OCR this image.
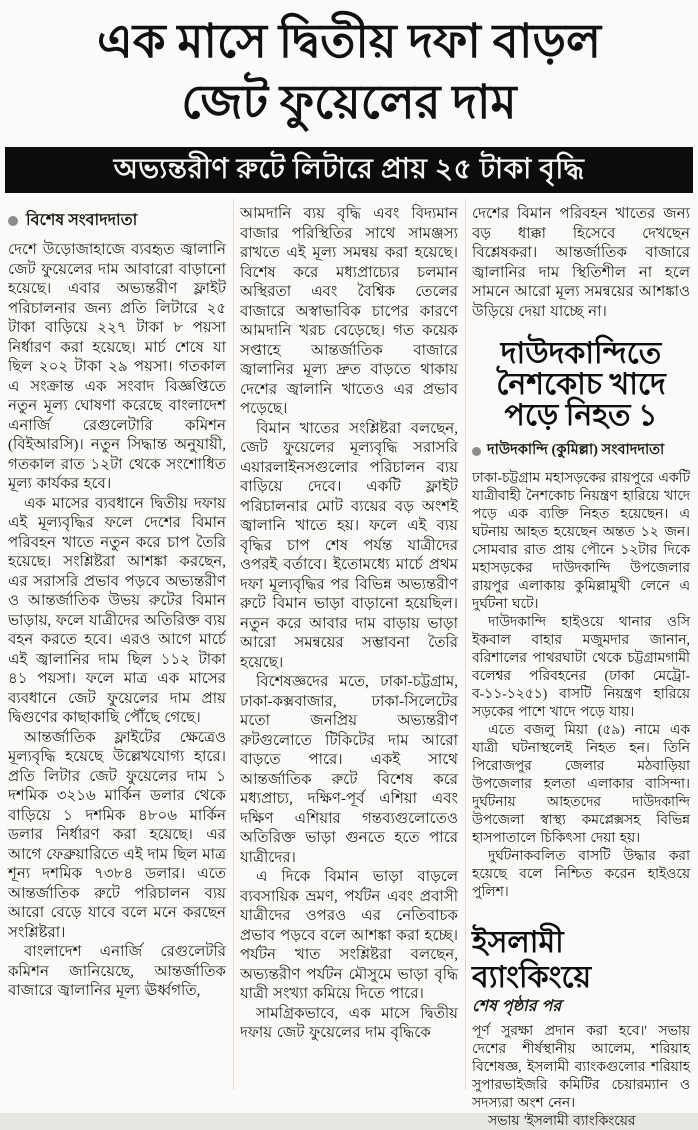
এক মাসে দ্বিতীয় দফা বাড়ল
জেট ফুয়েলের দাম
অভ্যন্তরীণ রুটে লিটারে প্রায় ২৫ টাকা বৃদ্ধি
বিশেষ সংবাদদাতা

দেশে উড়োজাহাজে ব্যবহৃত জ্বালানি জেট ফুয়েলের দাম আবারো বাড়ানো হয়েছে। এবার অভ্যন্তরীণ ফ্লাইট পরিচালনার জন্য প্রতি লিটারে ২৫ টাকা বাড়িয়ে ২২৭ টাকা ৮ পয়সা নির্ধারণ করা হয়েছে। মার্চ শেষে যা ছিল ২০২ টাকা ২৯ পয়সা। গতকাল এ সংক্রান্ত এক সংবাদ বিজ্ঞপ্তিতে নতুন মূল্য ঘোষণা করেছে বাংলাদেশ এনার্জি রেগুলেটারি কমিশন (বিইআরসি)। নতুন সিদ্ধান্ত অনুযায়ী, গতকাল রাত ১২টা থেকে সংশোধিত মূল্য কার্যকর হবে।

এক মাসের ব্যবধানে দ্বিতীয় দফায় এই মূল্যবৃদ্ধির ফলে দেশের বিমান পরিবহন খাতে নতুন করে চাপ তৈরি হয়েছে। সংশ্লিষ্টরা আশঙ্কা করছেন, এর সরাসরি প্রভাব পড়বে অভ্যন্তরীণ ও আন্তর্জাতিক উভয় রুটের বিমান ভাড়ায়, ফলে যাত্রীদের অতিরিক্ত ব্যয় বহন করতে হবে। এরও আগে মার্চে এই জ্বালানির দাম ছিল ১১২ টাকা ৪১ পয়সা। ফলে মাত্র এক মাসের ব্যবধানে জেট ফুয়েলের দাম প্রায় দ্বিগুণের কাছাকাছি পৌঁছে গেছে।

আন্তর্জাতিক ফ্লাইটের ক্ষেত্রেও মূল্যবৃদ্ধি হয়েছে উল্লেখযোগ্য হারে। প্রতি লিটার জেট ফুয়েলের দাম ১ দশমিক ৩২১৬ মার্কিন ডলার থেকে বাড়িয়ে ১ দশমিক ৪৮০৬ মার্কিন ডলার নির্ধারণ করা হয়েছে। এর আগে ফেব্রুয়ারিতে এই দাম ছিল মাত্র শূন্য দশমিক ৭৩৮৪ ডলার। এতে আন্তর্জাতিক রুটে পরিচালন ব্যয় আরো বেড়ে যাবে বলে মনে করছেন সংশ্লিষ্টরা।

বাংলাদেশ এনার্জি রেগুলেটরি কমিশন জানিয়েছে, আন্তর্জাতিক বাজারে জ্বালানির মূল্য ঊর্ধ্বগতি,

আমদানি ব্যয় বৃদ্ধি এবং বিদ্যমান বাজার পরিস্থিতির সাথে সামঞ্জস্য রাখতে এই মূল্য সমন্বয় করা হয়েছে। বিশেষ করে মধ্যপ্রাচ্যের চলমান অস্থিরতা এবং বৈশ্বিক তেলের বাজারে অস্বাভাবিক চাপের কারণে আমদানি খরচ বেড়েছে। গত কয়েক সপ্তাহে আন্তর্জাতিক বাজারে জ্বালানির মূল্য দ্রুত বাড়তে থাকায় দেশের জ্বালানি খাতেও এর প্রভাব পড়েছে।

বিমান খাতের সংশ্লিষ্টরা বলছেন, জেট ফুয়েলের মূল্যবৃদ্ধি সরাসরি এয়ারলাইনসগুলোর পরিচালন ব্যয় বাড়িয়ে দেবে। একটি ফ্লাইট পরিচালনার মোট ব্যয়ের বড় অংশই জ্বালানি খাতে হয়। ফলে এই ব্যয় বৃদ্ধির চাপ শেষ পর্যন্ত যাত্রীদের ওপরই বর্তাবে। ইতোমধ্যে মার্চে প্রথম দফা মূল্যবৃদ্ধির পর বিভিন্ন অভ্যন্তরীণ রুটে বিমান ভাড়া বাড়ানো হয়েছিল। নতুন করে আবার দাম বাড়ায় ভাড়া আরো সমন্বয়ের সম্ভাবনা তৈরি হয়েছে।

বিশেষজ্ঞদের মতে, ঢাকা-চট্টগ্রাম, ঢাকা-কক্সবাজার, ঢাকা-সিলেটের মতো জনপ্রিয় অভ্যন্তরীণ রুটগুলোতে টিকিটের দাম আরো বাড়তে পারে। একই সাথে আন্তর্জাতিক রুটে বিশেষ করে মধ্যপ্রাচ্য, দক্ষিণ-পূর্ব এশিয়া এবং দক্ষিণ এশিয়ার গন্তব্যগুলোতেও অতিরিক্ত ভাড়া গুনতে হতে পারে যাত্রীদের।

এ দিকে বিমান ভাড়া বাড়লে ব্যবসায়িক ভ্রমণ, পর্যটন এবং প্রবাসী যাত্রীদের ওপরও এর নেতিবাচক প্রভাব পড়বে বলে আশঙ্কা করা হচ্ছে। পর্যটন খাত সংশ্লিষ্টরা বলছেন, অভ্যন্তরীণ পর্যটন মৌসুমে ভাড়া বৃদ্ধি যাত্রী সংখ্যা কমিয়ে দিতে পারে।

সামগ্রিকভাবে, এক মাসে দ্বিতীয় দফায় জেট ফুয়েলের দাম বৃদ্ধিকে

দেশের বিমান পরিবহন খাতের জন্য বড় ধাক্কা হিসেবে দেখছেন বিশ্লেষকরা। আন্তর্জাতিক বাজারে জ্বালানির দাম স্থিতিশীল না হলে সামনে আরো মূল্য সমন্বয়ের আশঙ্কাও উড়িয়ে দেয়া যাচ্ছে না।

দাউদকান্দিতে
নৈশকোচ খাদে
পড়ে নিহত ১
দাউদকান্দি (কুমিল্লা) সংবাদদাতা

ঢাকা-চট্টগ্রাম মহাসড়কের রায়পুরে একটি যাত্রীবাহী নৈশকোচ নিয়ন্ত্রণ হারিয়ে খাদে পড়ে এক ব্যক্তি নিহত হয়েছেন। এ ঘটনায় আহত হয়েছেন অন্তত ১২ জন। সোমবার রাত প্রায় পৌনে ১২টার দিকে মহাসড়কের দাউদকান্দি উপজেলার রায়পুর এলাকায় কুমিল্লামুখী লেনে এ দুর্ঘটনা ঘটে।

দাউদকান্দি হাইওয়ে থানার ওসি ইকবাল বাহার মজুমদার জানান, বরিশালের পাথরঘাটা থেকে চট্টগ্রামগামী বলেশ্বর পরিবহনের (ঢাকা মেট্রো-ব-১১-১২৫১) বাসটি নিয়ন্ত্রণ হারিয়ে সড়কের পাশে খাদে পড়ে যায়।

এতে বজলু মিয়া (৫৯) নামে এক যাত্রী ঘটনাস্থলেই নিহত হন। তিনি পিরোজপুর জেলার মঠবাড়িয়া উপজেলার হলতা এলাকার বাসিন্দা। দুর্ঘটনায় আহতদের দাউদকান্দি উপজেলা স্বাস্থ্য কমপ্লেক্সসহ বিভিন্ন হাসপাতালে চিকিৎসা দেয়া হয়।

দুর্ঘটনাকবলিত বাসটি উদ্ধার করা হয়েছে বলে নিশ্চিত করেন হাইওয়ে পুলিশ।

ইসলামী ব্যাংকিংয়ে

শেষ পৃষ্ঠার পর

পূর্ণ সুরক্ষা প্রদান করা হবে।' সভায় দেশের শীর্ষস্থানীয় আলেম, শরিয়াহ বিশেষজ্ঞ, ইসলামী ব্যাংকগুলোর শরিয়াহ সুপারভাইজরি কমিটির চেয়ারম্যান ও সদস্যরা অংশ নেন।

সভায় 'ইসলামী ব্যাংকিংয়ের
